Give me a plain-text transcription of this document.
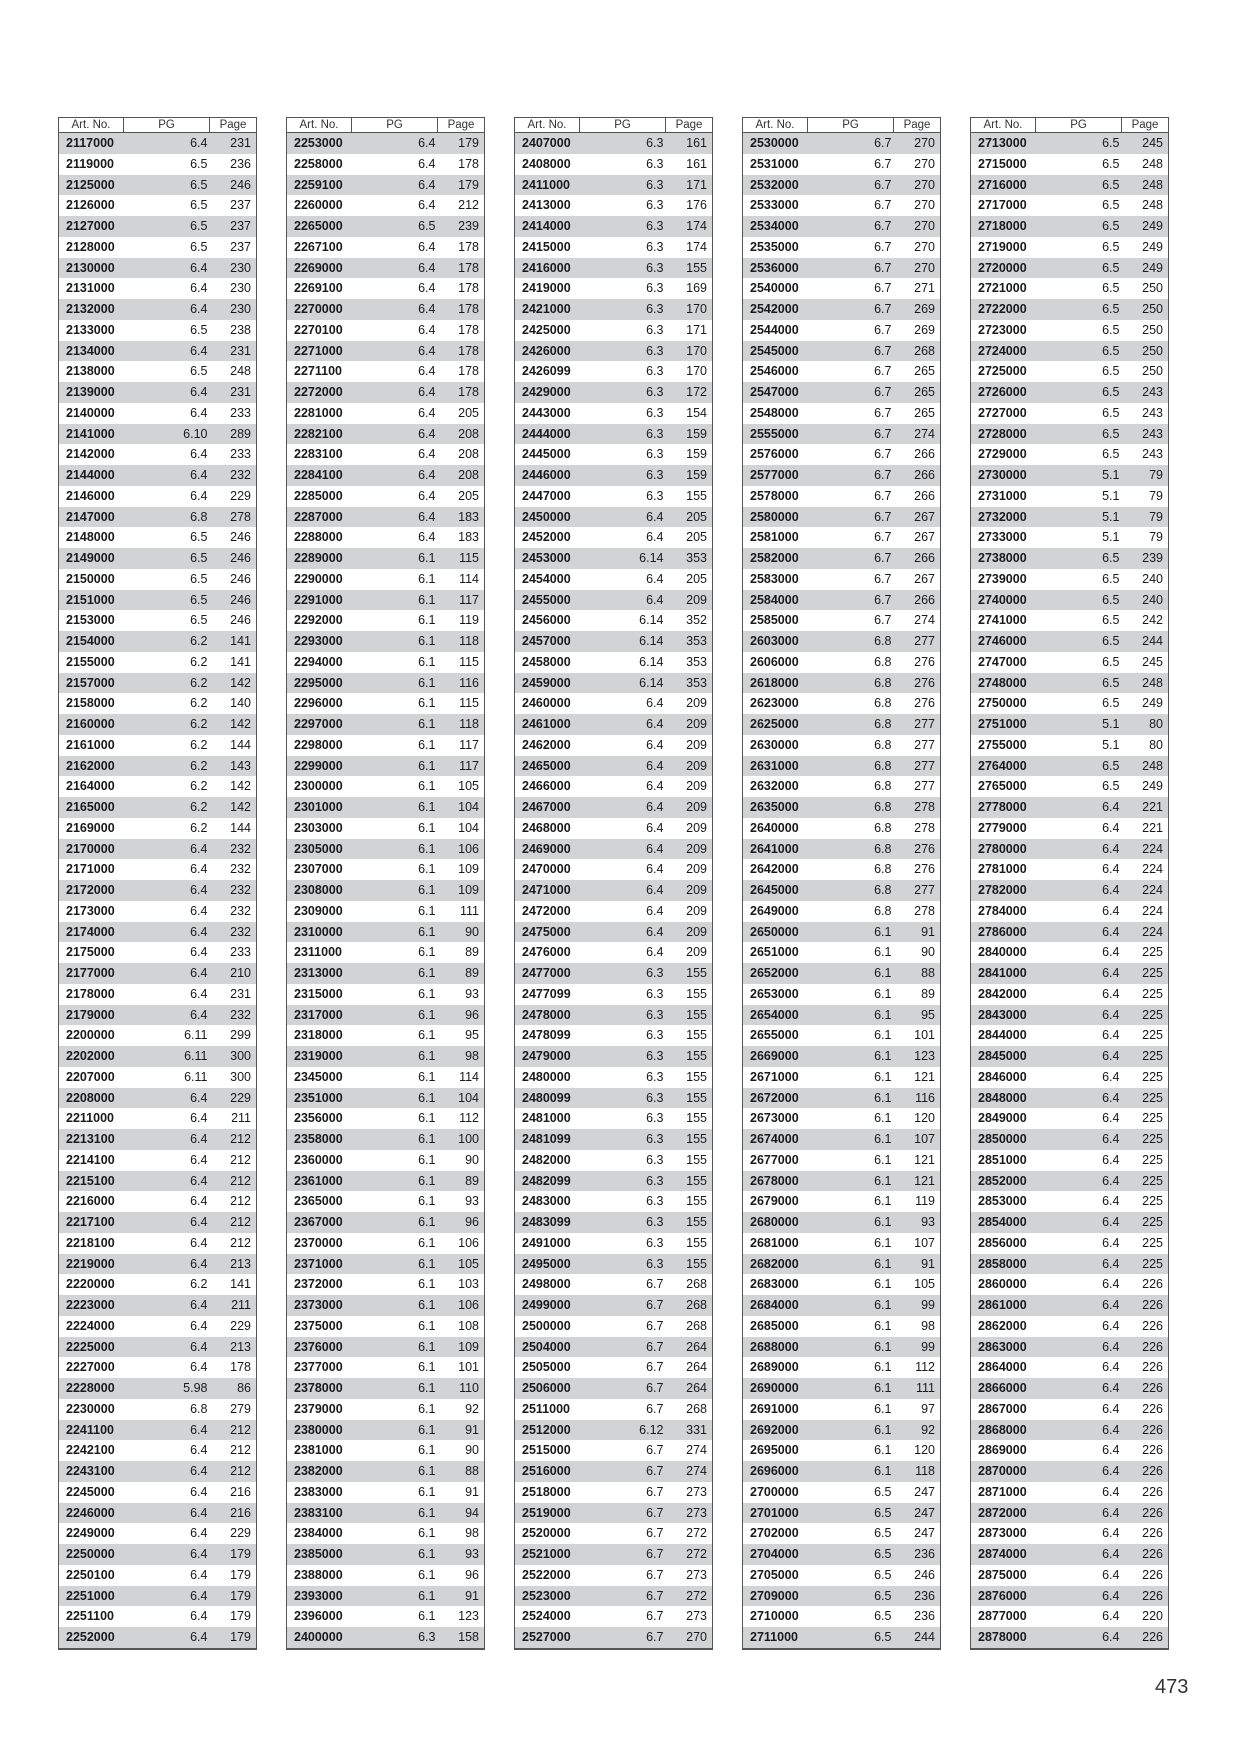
Art. No.	PG	Page
2117000	6.4	231
2119000	6.5	236
2125000	6.5	246
2126000	6.5	237
2127000	6.5	237
2128000	6.5	237
2130000	6.4	230
2131000	6.4	230
2132000	6.4	230
2133000	6.5	238
2134000	6.4	231
2138000	6.5	248
2139000	6.4	231
2140000	6.4	233
2141000	6.10	289
2142000	6.4	233
2144000	6.4	232
2146000	6.4	229
2147000	6.8	278
2148000	6.5	246
2149000	6.5	246
2150000	6.5	246
2151000	6.5	246
2153000	6.5	246
2154000	6.2	141
2155000	6.2	141
2157000	6.2	142
2158000	6.2	140
2160000	6.2	142
2161000	6.2	144
2162000	6.2	143
2164000	6.2	142
2165000	6.2	142
2169000	6.2	144
2170000	6.4	232
2171000	6.4	232
2172000	6.4	232
2173000	6.4	232
2174000	6.4	232
2175000	6.4	233
2177000	6.4	210
2178000	6.4	231
2179000	6.4	232
2200000	6.11	299
2202000	6.11	300
2207000	6.11	300
2208000	6.4	229
2211000	6.4	211
2213100	6.4	212
2214100	6.4	212
2215100	6.4	212
2216000	6.4	212
2217100	6.4	212
2218100	6.4	212
2219000	6.4	213
2220000	6.2	141
2223000	6.4	211
2224000	6.4	229
2225000	6.4	213
2227000	6.4	178
2228000	5.98	86
2230000	6.8	279
2241100	6.4	212
2242100	6.4	212
2243100	6.4	212
2245000	6.4	216
2246000	6.4	216
2249000	6.4	229
2250000	6.4	179
2250100	6.4	179
2251000	6.4	179
2251100	6.4	179
2252000	6.4	179
Art. No.	PG	Page
2253000	6.4	179
2258000	6.4	178
2259100	6.4	179
2260000	6.4	212
2265000	6.5	239
2267100	6.4	178
2269000	6.4	178
2269100	6.4	178
2270000	6.4	178
2270100	6.4	178
2271000	6.4	178
2271100	6.4	178
2272000	6.4	178
2281000	6.4	205
2282100	6.4	208
2283100	6.4	208
2284100	6.4	208
2285000	6.4	205
2287000	6.4	183
2288000	6.4	183
2289000	6.1	115
2290000	6.1	114
2291000	6.1	117
2292000	6.1	119
2293000	6.1	118
2294000	6.1	115
2295000	6.1	116
2296000	6.1	115
2297000	6.1	118
2298000	6.1	117
2299000	6.1	117
2300000	6.1	105
2301000	6.1	104
2303000	6.1	104
2305000	6.1	106
2307000	6.1	109
2308000	6.1	109
2309000	6.1	111
2310000	6.1	90
2311000	6.1	89
2313000	6.1	89
2315000	6.1	93
2317000	6.1	96
2318000	6.1	95
2319000	6.1	98
2345000	6.1	114
2351000	6.1	104
2356000	6.1	112
2358000	6.1	100
2360000	6.1	90
2361000	6.1	89
2365000	6.1	93
2367000	6.1	96
2370000	6.1	106
2371000	6.1	105
2372000	6.1	103
2373000	6.1	106
2375000	6.1	108
2376000	6.1	109
2377000	6.1	101
2378000	6.1	110
2379000	6.1	92
2380000	6.1	91
2381000	6.1	90
2382000	6.1	88
2383000	6.1	91
2383100	6.1	94
2384000	6.1	98
2385000	6.1	93
2388000	6.1	96
2393000	6.1	91
2396000	6.1	123
2400000	6.3	158
Art. No.	PG	Page
2407000	6.3	161
2408000	6.3	161
2411000	6.3	171
2413000	6.3	176
2414000	6.3	174
2415000	6.3	174
2416000	6.3	155
2419000	6.3	169
2421000	6.3	170
2425000	6.3	171
2426000	6.3	170
2426099	6.3	170
2429000	6.3	172
2443000	6.3	154
2444000	6.3	159
2445000	6.3	159
2446000	6.3	159
2447000	6.3	155
2450000	6.4	205
2452000	6.4	205
2453000	6.14	353
2454000	6.4	205
2455000	6.4	209
2456000	6.14	352
2457000	6.14	353
2458000	6.14	353
2459000	6.14	353
2460000	6.4	209
2461000	6.4	209
2462000	6.4	209
2465000	6.4	209
2466000	6.4	209
2467000	6.4	209
2468000	6.4	209
2469000	6.4	209
2470000	6.4	209
2471000	6.4	209
2472000	6.4	209
2475000	6.4	209
2476000	6.4	209
2477000	6.3	155
2477099	6.3	155
2478000	6.3	155
2478099	6.3	155
2479000	6.3	155
2480000	6.3	155
2480099	6.3	155
2481000	6.3	155
2481099	6.3	155
2482000	6.3	155
2482099	6.3	155
2483000	6.3	155
2483099	6.3	155
2491000	6.3	155
2495000	6.3	155
2498000	6.7	268
2499000	6.7	268
2500000	6.7	268
2504000	6.7	264
2505000	6.7	264
2506000	6.7	264
2511000	6.7	268
2512000	6.12	331
2515000	6.7	274
2516000	6.7	274
2518000	6.7	273
2519000	6.7	273
2520000	6.7	272
2521000	6.7	272
2522000	6.7	273
2523000	6.7	272
2524000	6.7	273
2527000	6.7	270
Art. No.	PG	Page
2530000	6.7	270
2531000	6.7	270
2532000	6.7	270
2533000	6.7	270
2534000	6.7	270
2535000	6.7	270
2536000	6.7	270
2540000	6.7	271
2542000	6.7	269
2544000	6.7	269
2545000	6.7	268
2546000	6.7	265
2547000	6.7	265
2548000	6.7	265
2555000	6.7	274
2576000	6.7	266
2577000	6.7	266
2578000	6.7	266
2580000	6.7	267
2581000	6.7	267
2582000	6.7	266
2583000	6.7	267
2584000	6.7	266
2585000	6.7	274
2603000	6.8	277
2606000	6.8	276
2618000	6.8	276
2623000	6.8	276
2625000	6.8	277
2630000	6.8	277
2631000	6.8	277
2632000	6.8	277
2635000	6.8	278
2640000	6.8	278
2641000	6.8	276
2642000	6.8	276
2645000	6.8	277
2649000	6.8	278
2650000	6.1	91
2651000	6.1	90
2652000	6.1	88
2653000	6.1	89
2654000	6.1	95
2655000	6.1	101
2669000	6.1	123
2671000	6.1	121
2672000	6.1	116
2673000	6.1	120
2674000	6.1	107
2677000	6.1	121
2678000	6.1	121
2679000	6.1	119
2680000	6.1	93
2681000	6.1	107
2682000	6.1	91
2683000	6.1	105
2684000	6.1	99
2685000	6.1	98
2688000	6.1	99
2689000	6.1	112
2690000	6.1	111
2691000	6.1	97
2692000	6.1	92
2695000	6.1	120
2696000	6.1	118
2700000	6.5	247
2701000	6.5	247
2702000	6.5	247
2704000	6.5	236
2705000	6.5	246
2709000	6.5	236
2710000	6.5	236
2711000	6.5	244
Art. No.	PG	Page
2713000	6.5	245
2715000	6.5	248
2716000	6.5	248
2717000	6.5	248
2718000	6.5	249
2719000	6.5	249
2720000	6.5	249
2721000	6.5	250
2722000	6.5	250
2723000	6.5	250
2724000	6.5	250
2725000	6.5	250
2726000	6.5	243
2727000	6.5	243
2728000	6.5	243
2729000	6.5	243
2730000	5.1	79
2731000	5.1	79
2732000	5.1	79
2733000	5.1	79
2738000	6.5	239
2739000	6.5	240
2740000	6.5	240
2741000	6.5	242
2746000	6.5	244
2747000	6.5	245
2748000	6.5	248
2750000	6.5	249
2751000	5.1	80
2755000	5.1	80
2764000	6.5	248
2765000	6.5	249
2778000	6.4	221
2779000	6.4	221
2780000	6.4	224
2781000	6.4	224
2782000	6.4	224
2784000	6.4	224
2786000	6.4	224
2840000	6.4	225
2841000	6.4	225
2842000	6.4	225
2843000	6.4	225
2844000	6.4	225
2845000	6.4	225
2846000	6.4	225
2848000	6.4	225
2849000	6.4	225
2850000	6.4	225
2851000	6.4	225
2852000	6.4	225
2853000	6.4	225
2854000	6.4	225
2856000	6.4	225
2858000	6.4	225
2860000	6.4	226
2861000	6.4	226
2862000	6.4	226
2863000	6.4	226
2864000	6.4	226
2866000	6.4	226
2867000	6.4	226
2868000	6.4	226
2869000	6.4	226
2870000	6.4	226
2871000	6.4	226
2872000	6.4	226
2873000	6.4	226
2874000	6.4	226
2875000	6.4	226
2876000	6.4	226
2877000	6.4	220
2878000	6.4	226
473
